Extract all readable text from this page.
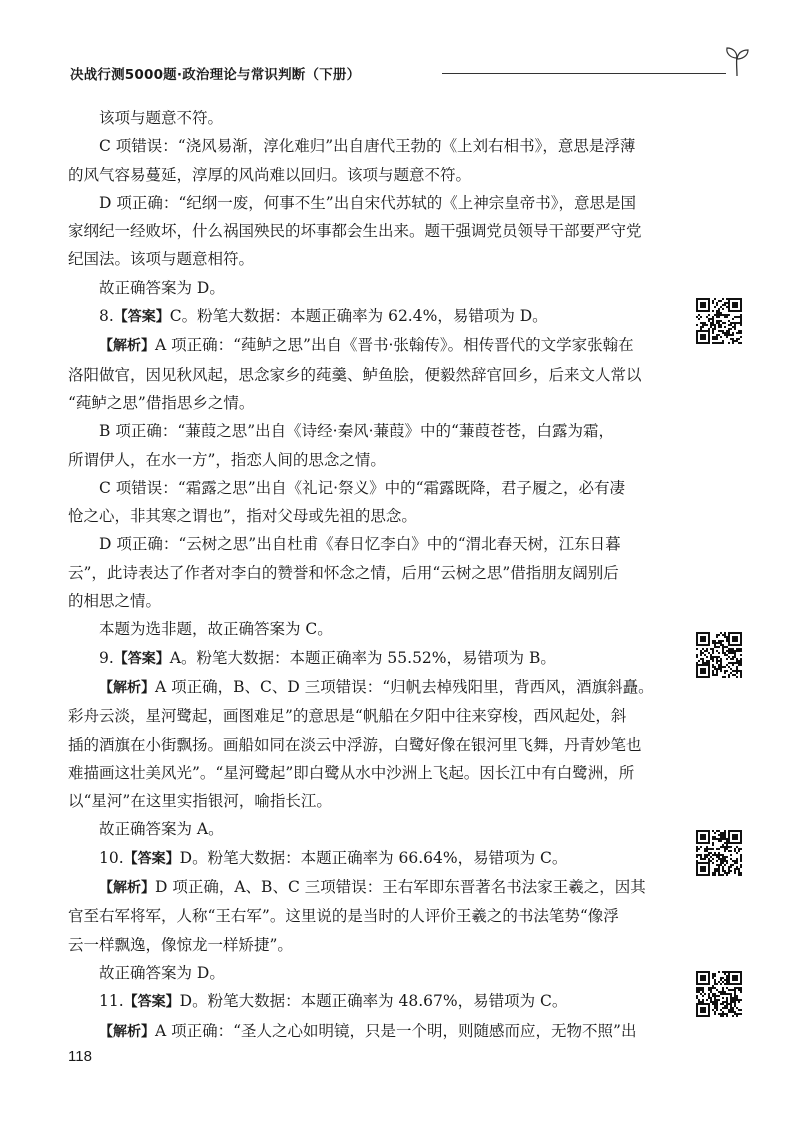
决战行测5000题·政治理论与常识判断（下册）

该项与题意不符。

C 项错误：“浇风易渐，淳化难归”出自唐代王勃的《上刘右相书》，意思是浮薄

的风气容易蔓延，淳厚的风尚难以回归。该项与题意不符。

D 项正确：“纪纲一废，何事不生”出自宋代苏轼的《上神宗皇帝书》，意思是国

家纲纪一经败坏，什么祸国殃民的坏事都会生出来。题干强调党员领导干部要严守党

纪国法。该项与题意相符。

故正确答案为 D。

8.【答案】C。粉笔大数据：本题正确率为 62.4%，易错项为 D。

【解析】A 项正确：“莼鲈之思”出自《晋书·张翰传》。相传晋代的文学家张翰在

洛阳做官，因见秋风起，思念家乡的莼羹、鲈鱼脍，便毅然辞官回乡，后来文人常以

“莼鲈之思”借指思乡之情。

B 项正确：“蒹葭之思”出自《诗经·秦风·蒹葭》中的“蒹葭苍苍，白露为霜，

所谓伊人，在水一方”，指恋人间的思念之情。

C 项错误：“霜露之思”出自《礼记·祭义》中的“霜露既降，君子履之，必有凄

怆之心，非其寒之谓也”，指对父母或先祖的思念。

D 项正确：“云树之思”出自杜甫《春日忆李白》中的“渭北春天树，江东日暮

云”，此诗表达了作者对李白的赞誉和怀念之情，后用“云树之思”借指朋友阔别后

的相思之情。

本题为选非题，故正确答案为 C。

9.【答案】A。粉笔大数据：本题正确率为 55.52%，易错项为 B。

【解析】A 项正确，B、C、D 三项错误：“归帆去棹残阳里，背西风，酒旗斜矗。

彩舟云淡，星河鹭起，画图难足”的意思是“帆船在夕阳中往来穿梭，西风起处，斜

插的酒旗在小街飘扬。画船如同在淡云中浮游，白鹭好像在银河里飞舞，丹青妙笔也

难描画这壮美风光”。“星河鹭起”即白鹭从水中沙洲上飞起。因长江中有白鹭洲，所

以“星河”在这里实指银河，喻指长江。

故正确答案为 A。

10.【答案】D。粉笔大数据：本题正确率为 66.64%，易错项为 C。

【解析】D 项正确，A、B、C 三项错误：王右军即东晋著名书法家王羲之，因其

官至右军将军，人称“王右军”。这里说的是当时的人评价王羲之的书法笔势“像浮

云一样飘逸，像惊龙一样矫捷”。

故正确答案为 D。

11.【答案】D。粉笔大数据：本题正确率为 48.67%，易错项为 C。

【解析】A 项正确：“圣人之心如明镜，只是一个明，则随感而应，无物不照”出

118
